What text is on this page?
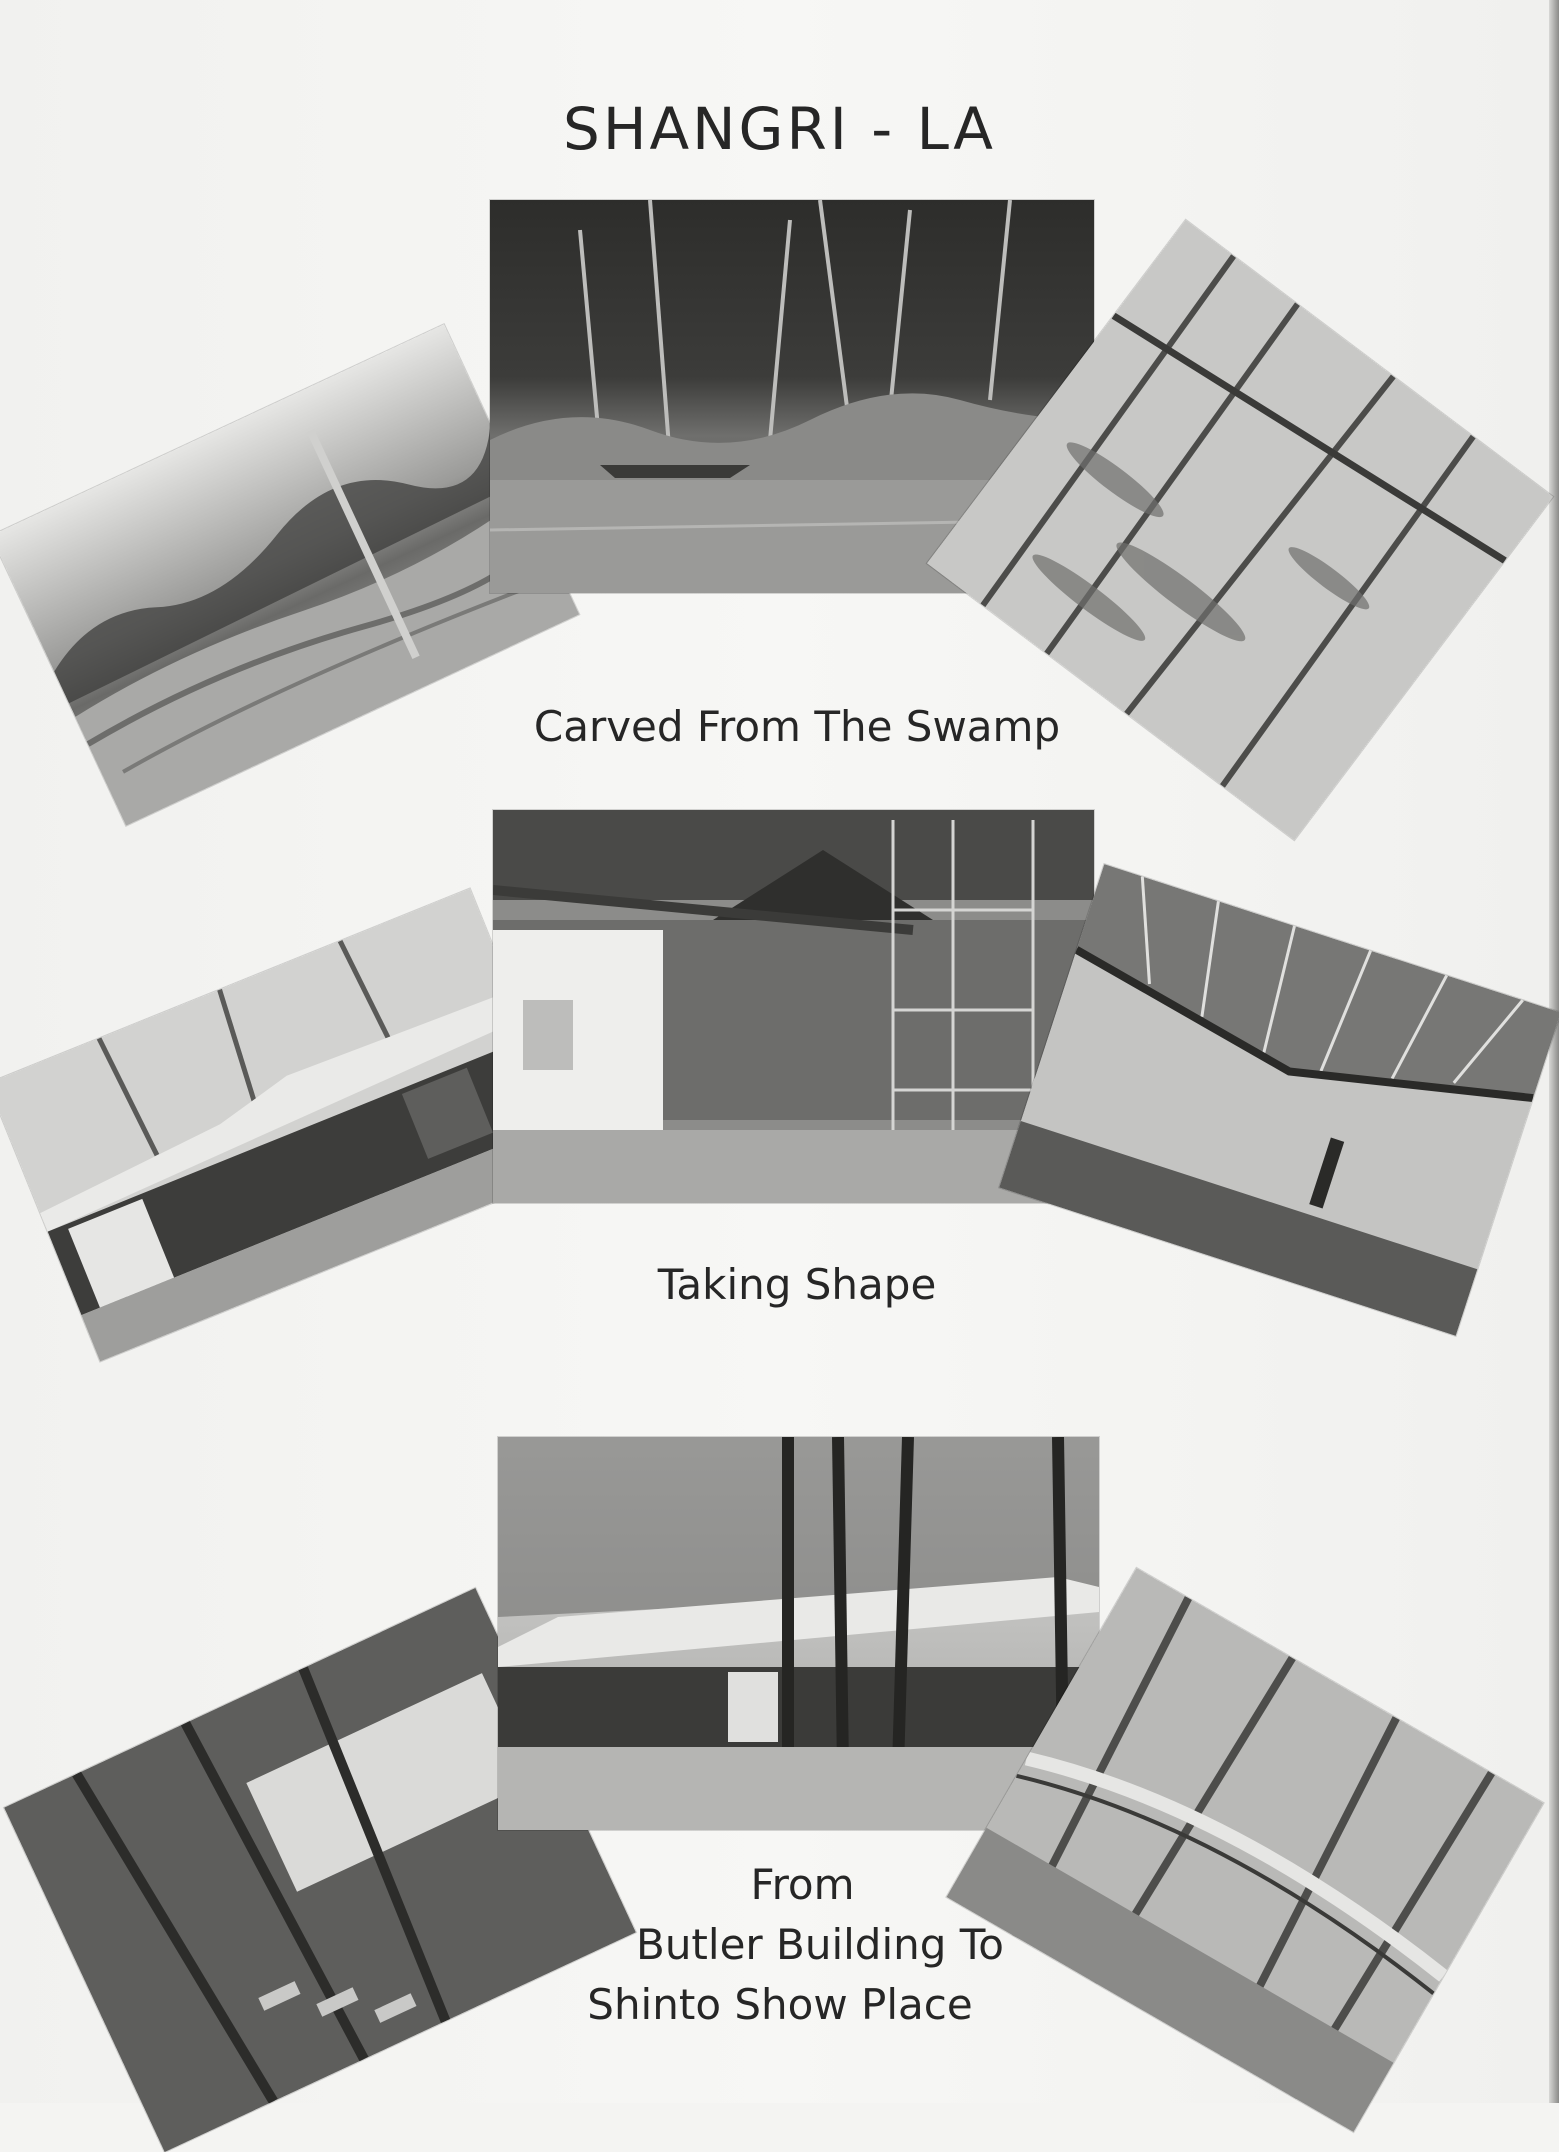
SHANGRI - LA
Carved From The Swamp
Taking Shape
From
Butler Building To
Shinto Show Place
